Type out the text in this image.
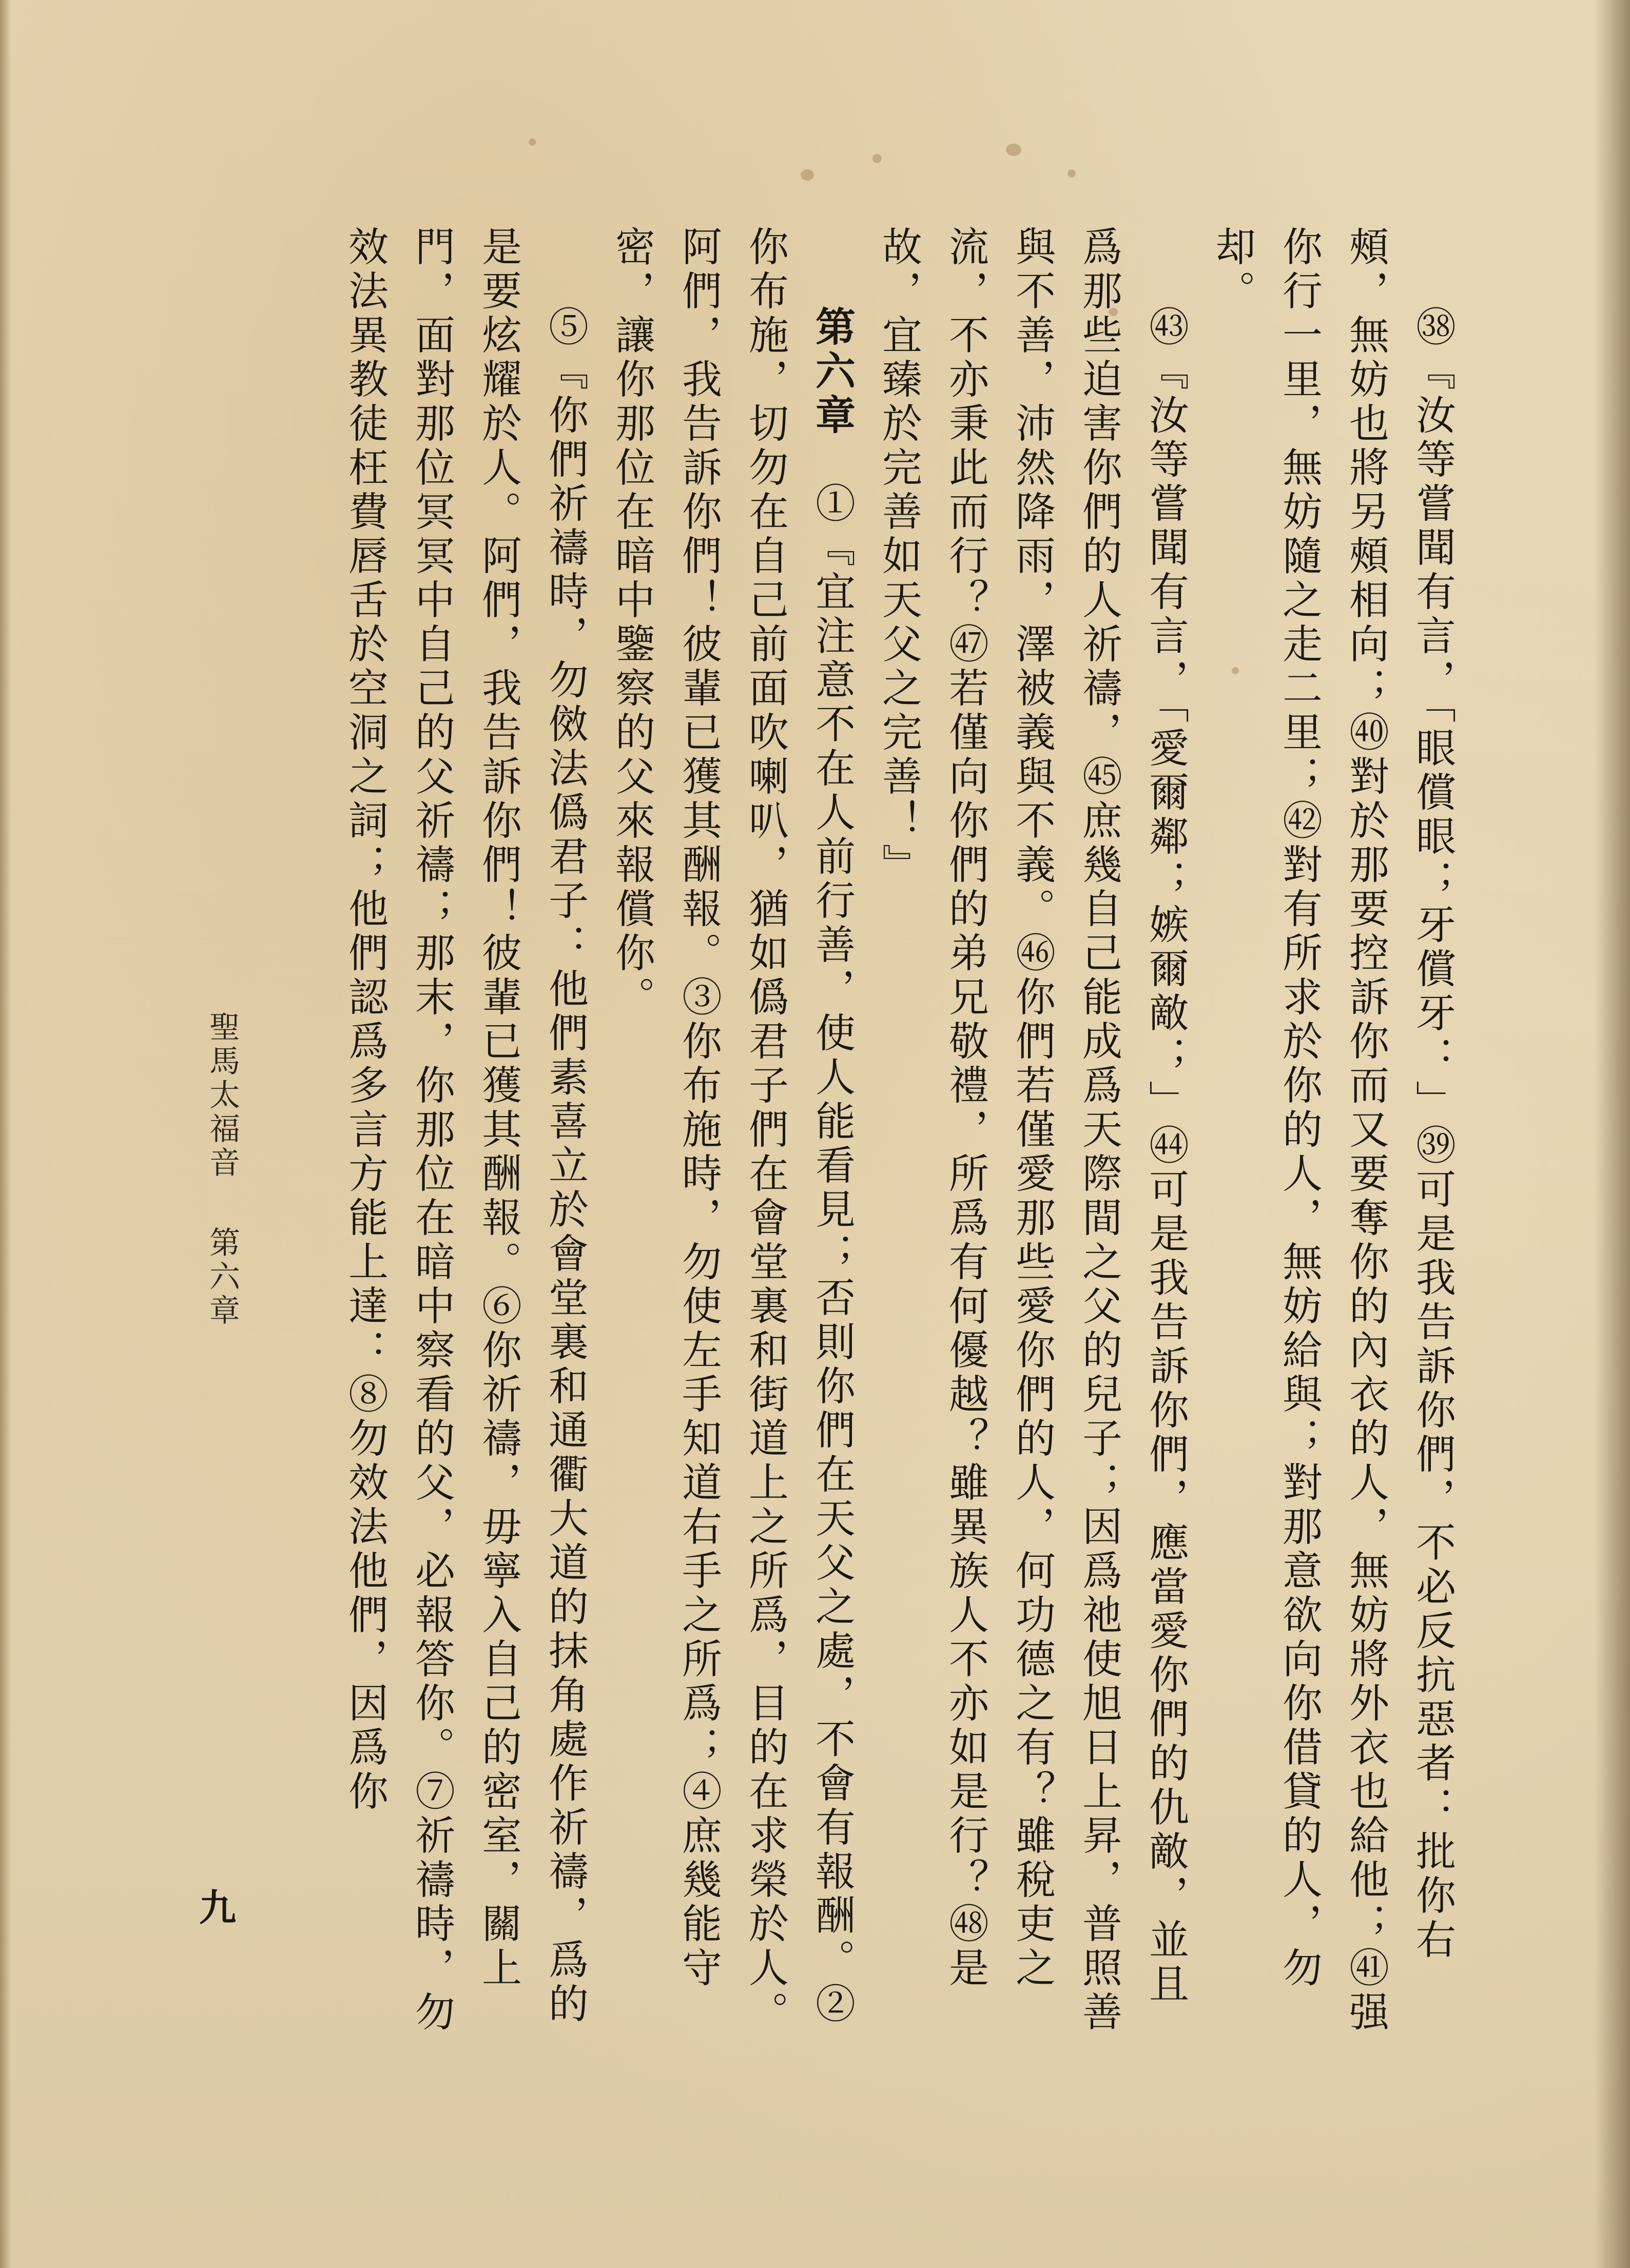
㊳『汝等嘗聞有言，「眼償眼；牙償牙：」㊴可是我告訴你們，不必反抗惡者：批你右頰，無妨也將另頰相向；㊵對於那要控訴你而又要奪你的內衣的人，無妨將外衣也給他；㊶强你行一里，無妨隨之走二里；㊷對有所求於你的人，無妨給與；對那意欲向你借貸的人，勿却。

㊸『汝等嘗聞有言，「愛爾鄰；嫉爾敵；」㊹可是我告訴你們，應當愛你們的仇敵，並且爲那些迫害你們的人祈禱，㊺庶幾自己能成爲天際間之父的兒子；因爲祂使旭日上昇，普照善與不善，沛然降雨，澤被義與不義。㊻你們若僅愛那些愛你們的人，何功德之有？雖稅吏之流，不亦秉此而行？㊼若僅向你們的弟兄敬禮，所爲有何優越？雖異族人不亦如是行？㊽是故，宜臻於完善如天父之完善！』

第六章　①『宜注意不在人前行善，使人能看見；否則你們在天父之處，不會有報酬。②你布施，切勿在自己前面吹喇叭，猶如僞君子們在會堂裏和街道上之所爲，目的在求榮於人。阿們，我告訴你們！彼輩已獲其酬報。③你布施時，勿使左手知道右手之所爲；④庶幾能守密，讓你那位在暗中鑒察的父來報償你。

⑤『你們祈禱時，勿傚法僞君子：他們素喜立於會堂裏和通衢大道的抹角處作祈禱，爲的是要炫耀於人。阿們，我告訴你們！彼輩已獲其酬報。⑥你祈禱，毋寧入自己的密室，關上門，面對那位冥冥中自己的父祈禱；那末，你那位在暗中察看的父，必報答你。⑦祈禱時，勿效法異教徒枉費唇舌於空洞之詞；他們認爲多言方能上達：⑧勿效法他們，因爲你

聖馬太福音第六章
九
